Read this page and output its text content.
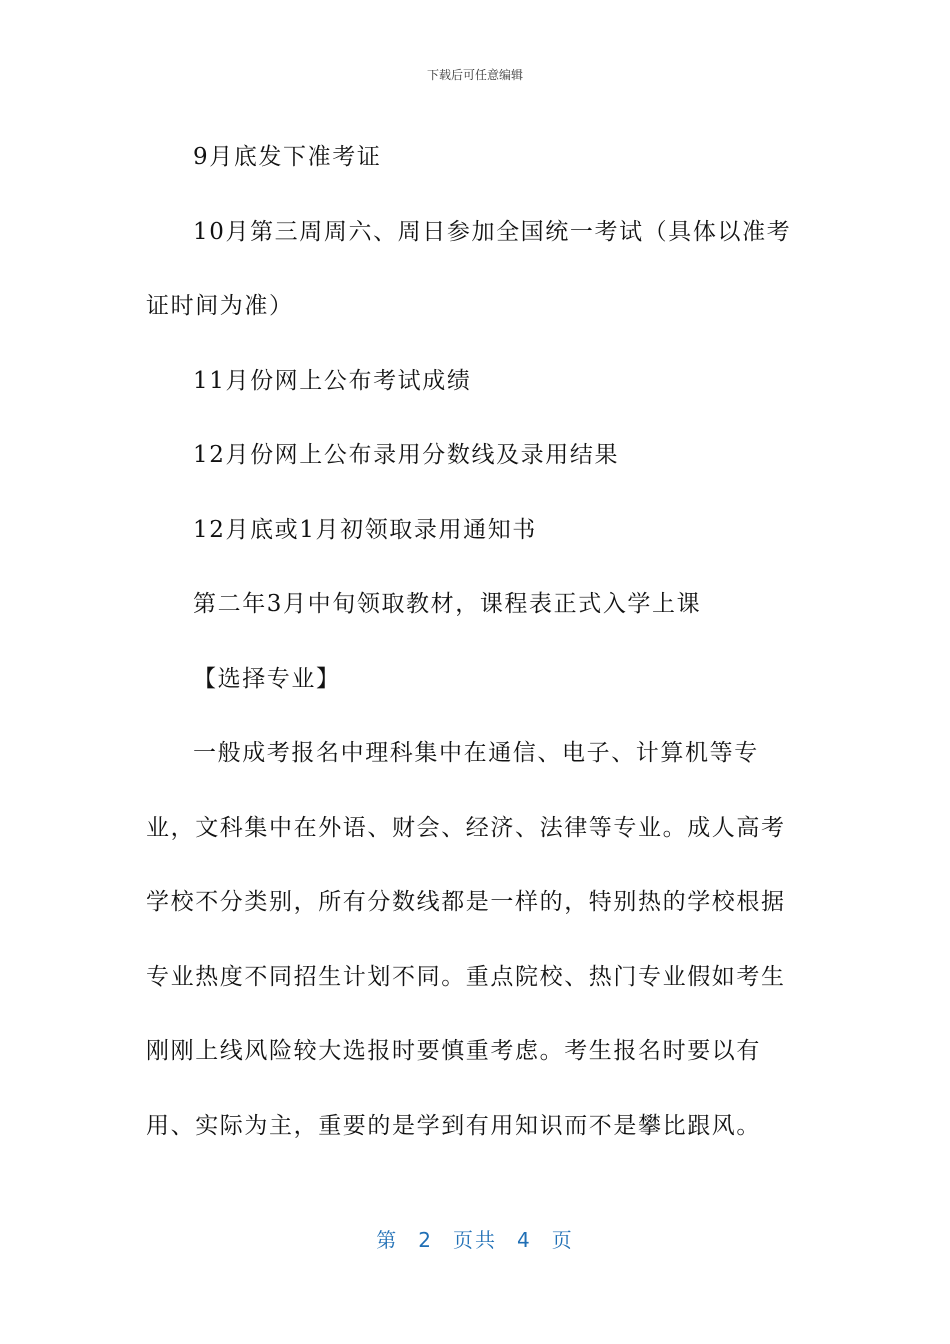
下载后可任意编辑

9月底发下准考证

10月第三周周六、周日参加全国统一考试（具体以准考证时间为准）

11月份网上公布考试成绩

12月份网上公布录用分数线及录用结果

12月底或1月初领取录用通知书

第二年3月中旬领取教材，课程表正式入学上课

【选择专业】

一般成考报名中理科集中在通信、电子、计算机等专业，文科集中在外语、财会、经济、法律等专业。成人高考学校不分类别，所有分数线都是一样的，特别热的学校根据专业热度不同招生计划不同。重点院校、热门专业假如考生刚刚上线风险较大选报时要慎重考虑。考生报名时要以有用、实际为主，重要的是学到有用知识而不是攀比跟风。

第 2 页共 4 页
